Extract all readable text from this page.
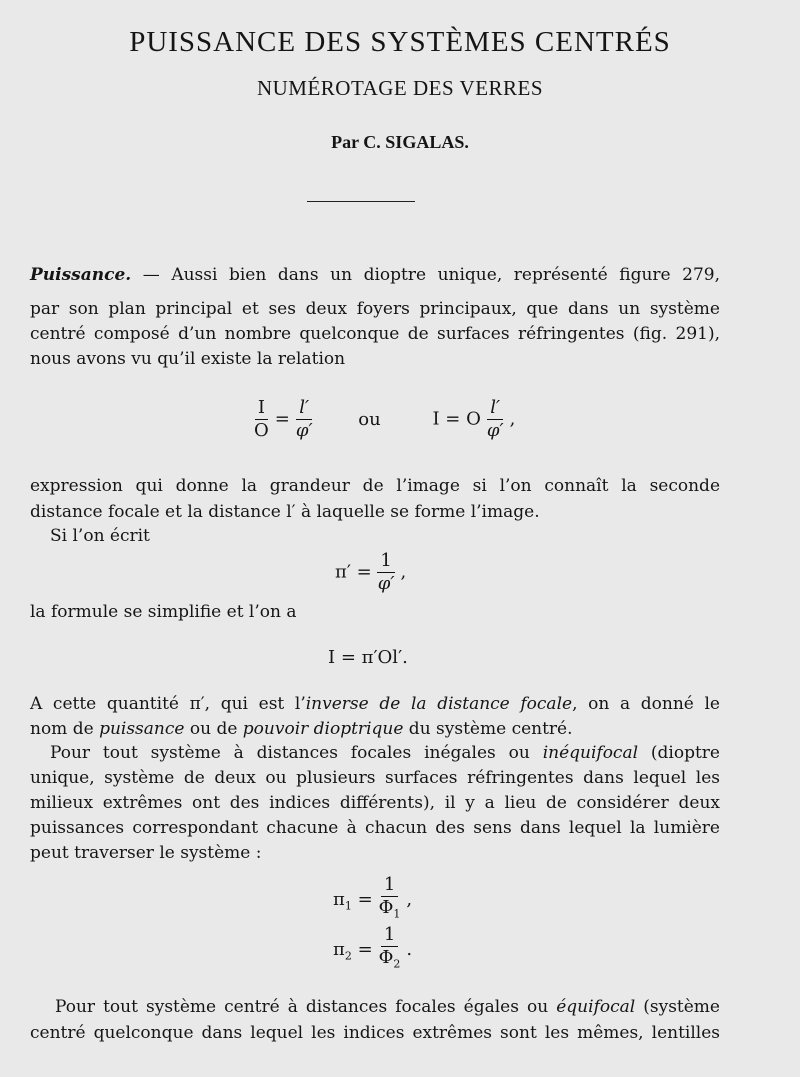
PUISSANCE DES SYSTÈMES CENTRÉS
NUMÉROTAGE DES VERRES
Par C. SIGALAS.
Puissance. — Aussi bien dans un dioptre unique, représenté figure 279,
par son plan principal et ses deux foyers principaux, que dans un système
centré composé d’un nombre quelconque de surfaces réfringentes (fig. 291),
nous avons vu qu’il existe la relation
$\frac{I}{O} = \frac{l'}{\varphi'}$ ou	I = O $\frac{l'}{\varphi'}$ ,
expression qui donne la grandeur de l’image si l’on connaît la seconde
distance focale et la distance l′ à laquelle se forme l’image.
Si l’on écrit
$\pi' = \frac{1}{\varphi'}$ ,
la formule se simplifie et l’on a
I = π′Ol′.
A cette quantité π′, qui est l’inverse de la distance focale, on a donné le
nom de puissance ou de pouvoir dioptrique du système centré.
Pour tout système à distances focales inégales ou inéquifocal (dioptre
unique, système de deux ou plusieurs surfaces réfringentes dans lequel les
milieux extrêmes ont des indices différents), il y a lieu de considérer deux
puissances correspondant chacune à chacun des sens dans lequel la lumière
peut traverser le système :
$\pi_1 = \frac{1}{\Phi_1}$ ,
$\pi_2 = \frac{1}{\Phi_2}$ .
Pour tout système centré à distances focales égales ou équifocal (système
centré quelconque dans lequel les indices extrêmes sont les mêmes, lentilles
